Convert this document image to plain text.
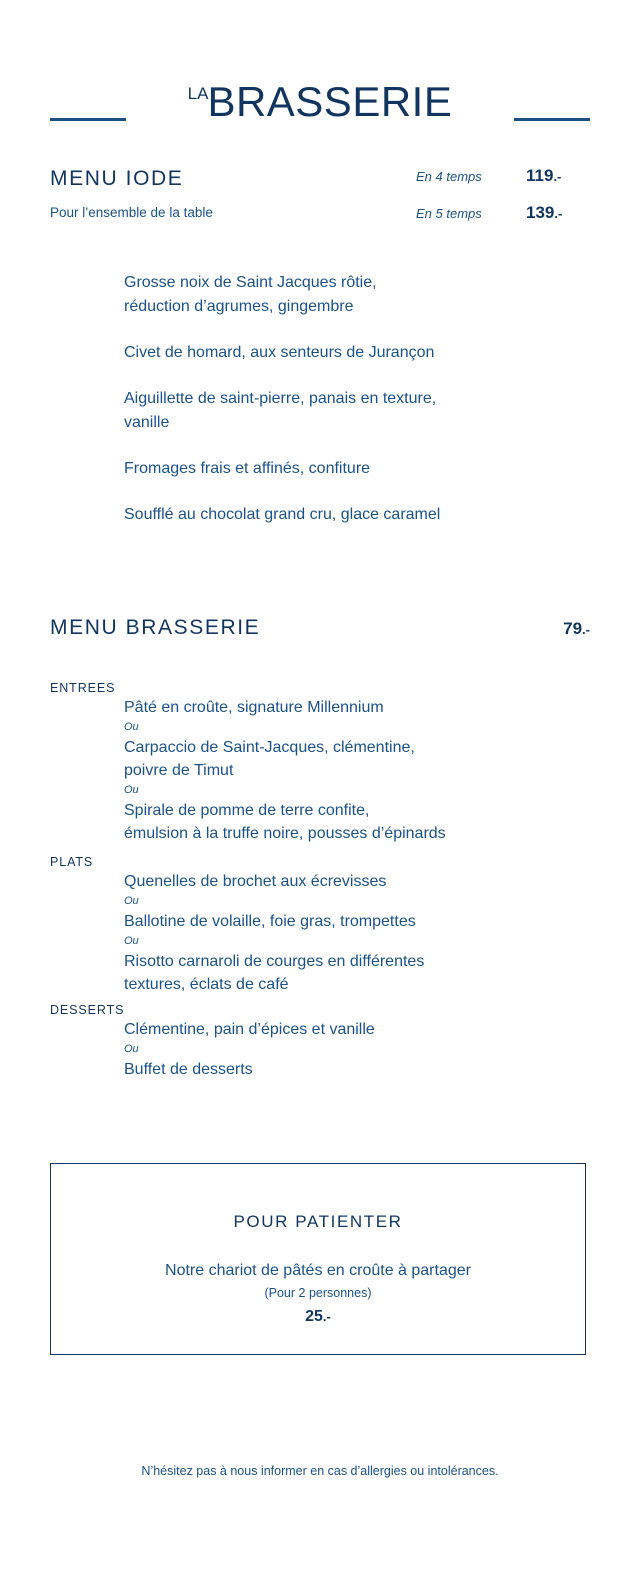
LABRASSERIE
MENU IODE
Pour l’ensemble de la table
En 4 temps	119.-
En 5 temps	139.-
Grosse noix de Saint Jacques rôtie,
réduction d’agrumes, gingembre
Civet de homard, aux senteurs de Jurançon
Aiguillette de saint-pierre, panais en texture,
vanille
Fromages frais et affinés, confiture
Soufflé au chocolat grand cru, glace caramel
MENU BRASSERIE	79.-
ENTREES
Pâté en croûte, signature Millennium
Ou
Carpaccio de Saint-Jacques, clémentine,
poivre de Timut
Ou
Spirale de pomme de terre confite,
émulsion à la truffe noire, pousses d’épinards
PLATS
Quenelles de brochet aux écrevisses
Ou
Ballotine de volaille, foie gras, trompettes
Ou
Risotto carnaroli de courges en différentes
textures, éclats de café
DESSERTS
Clémentine, pain d’épices et vanille
Ou
Buffet de desserts
POUR PATIENTER
Notre chariot de pâtés en croûte à partager
(Pour 2 personnes)
25.-
N’hésitez pas à nous informer en cas d’allergies ou intolérances.
